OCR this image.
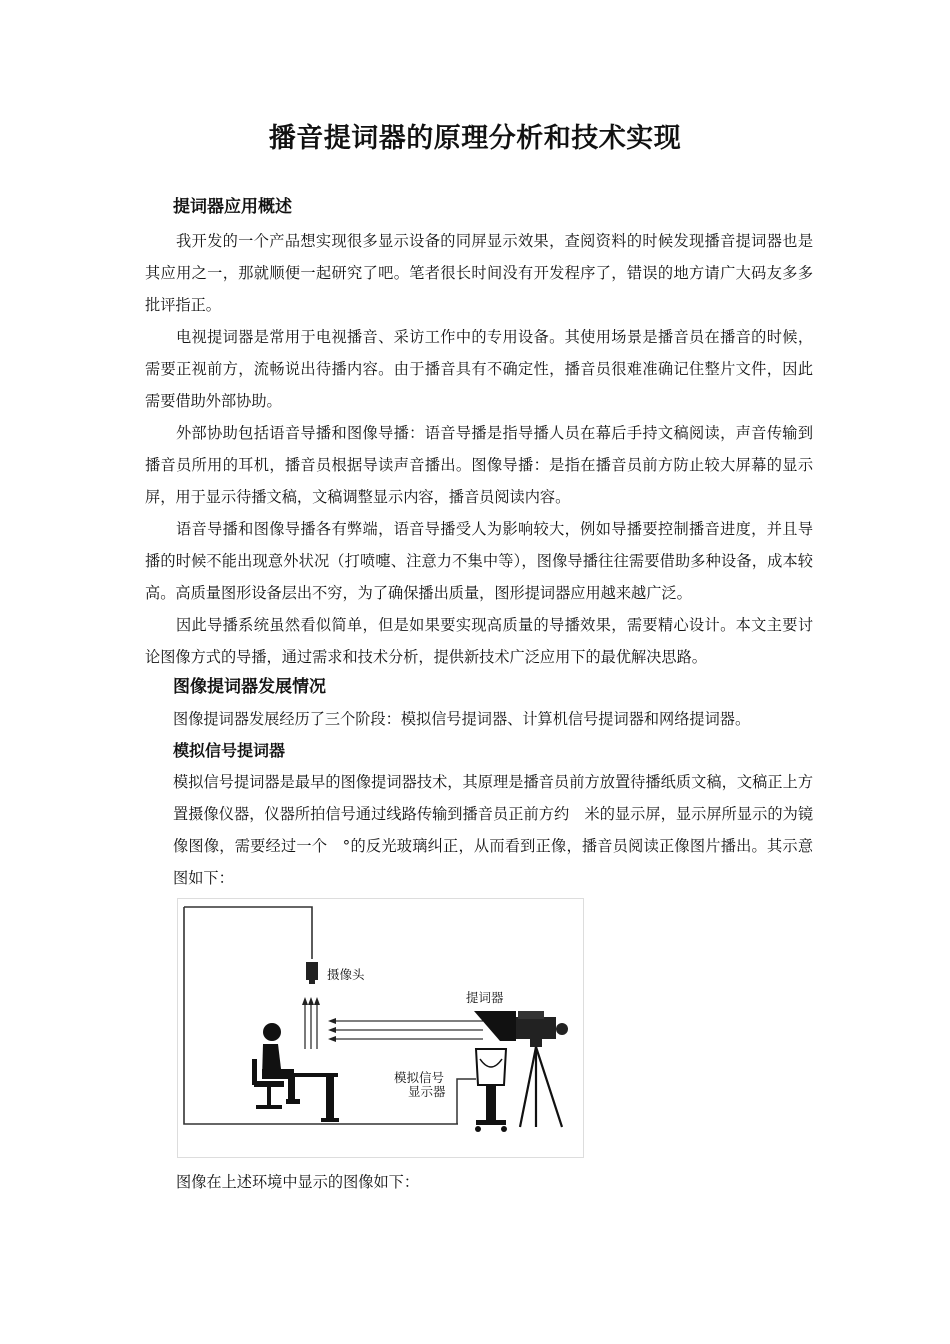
播音提词器的原理分析和技术实现
提词器应用概述

我开发的一个产品想实现很多显示设备的同屏显示效果，查阅资料的时候发现播音提词器也是其应用之一，那就顺便一起研究了吧。笔者很长时间没有开发程序了，错误的地方请广大码友多多批评指正。

电视提词器是常用于电视播音、采访工作中的专用设备。其使用场景是播音员在播音的时候，需要正视前方，流畅说出待播内容。由于播音具有不确定性，播音员很难准确记住整片文件，因此需要借助外部协助。

外部协助包括语音导播和图像导播：语音导播是指导播人员在幕后手持文稿阅读，声音传输到播音员所用的耳机，播音员根据导读声音播出。图像导播：是指在播音员前方防止较大屏幕的显示屏，用于显示待播文稿，文稿调整显示内容，播音员阅读内容。

语音导播和图像导播各有弊端，语音导播受人为影响较大，例如导播要控制播音进度，并且导播的时候不能出现意外状况（打喷嚏、注意力不集中等），图像导播往往需要借助多种设备，成本较高。高质量图形设备层出不穷，为了确保播出质量，图形提词器应用越来越广泛。

因此导播系统虽然看似简单，但是如果要实现高质量的导播效果，需要精心设计。本文主要讨论图像方式的导播，通过需求和技术分析，提供新技术广泛应用下的最优解决思路。

图像提词器发展情况

图像提词器发展经历了三个阶段：模拟信号提词器、计算机信号提词器和网络提词器。

模拟信号提词器

模拟信号提词器是最早的图像提词器技术，其原理是播音员前方放置待播纸质文稿，文稿正上方置摄像仪器，仪器所拍信号通过线路传输到播音员正前方约　米的显示屏，显示屏所显示的为镜像图像，需要经过一个　°的反光玻璃纠正，从而看到正像，播音员阅读正像图片播出。其示意图如下：

摄像头
提词器
模拟信号
显示器

图像在上述环境中显示的图像如下：
